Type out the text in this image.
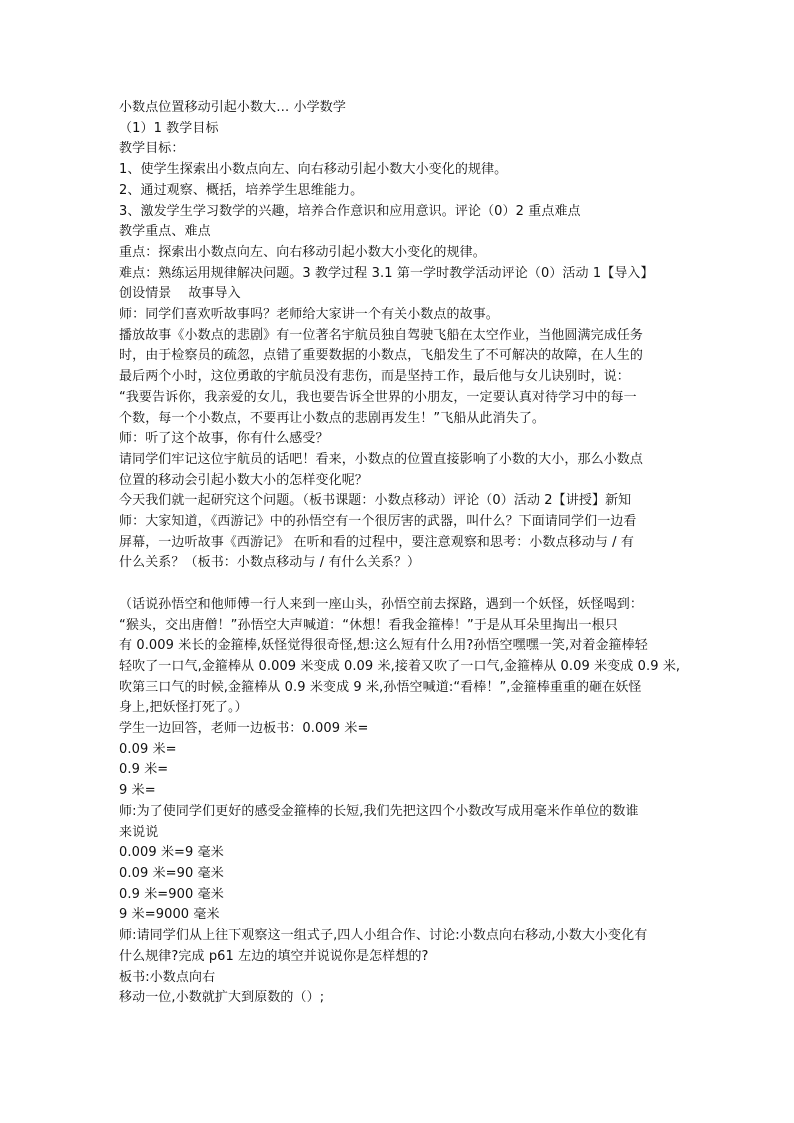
小数点位置移动引起小数大… 小学数学
（1）1 教学目标
教学目标：
1、使学生探索出小数点向左、向右移动引起小数大小变化的规律。
2、通过观察、概括，培养学生思维能力。
3、激发学生学习数学的兴趣，培养合作意识和应用意识。评论（0）2 重点难点
教学重点、难点
重点：探索出小数点向左、向右移动引起小数大小变化的规律。
难点：熟练运用规律解决问题。3 教学过程 3.1 第一学时教学活动评论（0）活动 1【导入】
创设情景    故事导入
师：同学们喜欢听故事吗？老师给大家讲一个有关小数点的故事。
播放故事《小数点的悲剧》有一位著名宇航员独自驾驶飞船在太空作业，当他圆满完成任务
时，由于检察员的疏忽，点错了重要数据的小数点，飞船发生了不可解决的故障，在人生的
最后两个小时，这位勇敢的宇航员没有悲伤，而是坚持工作，最后他与女儿诀别时，说：
“我要告诉你，我亲爱的女儿，我也要告诉全世界的小朋友，一定要认真对待学习中的每一
个数，每一个小数点，不要再让小数点的悲剧再发生！”飞船从此消失了。
师：听了这个故事，你有什么感受？
请同学们牢记这位宇航员的话吧！看来，小数点的位置直接影响了小数的大小，那么小数点
位置的移动会引起小数大小的怎样变化呢？
今天我们就一起研究这个问题。（板书课题：小数点移动）评论（0）活动 2【讲授】新知
师：大家知道，《西游记》中的孙悟空有一个很厉害的武器，叫什么？下面请同学们一边看
屏幕，一边听故事《西游记》 在听和看的过程中，要注意观察和思考：小数点移动与 / 有
什么关系？（板书：小数点移动与 / 有什么关系？）
（话说孙悟空和他师傅一行人来到一座山头，孙悟空前去探路，遇到一个妖怪，妖怪喝到：
“猴头，交出唐僧！”孙悟空大声喊道：“休想！看我金箍棒！”于是从耳朵里掏出一根只
有 0.009 米长的金箍棒,妖怪觉得很奇怪,想:这么短有什么用?孙悟空嘿嘿一笑,对着金箍棒轻
轻吹了一口气,金箍棒从 0.009 米变成 0.09 米,接着又吹了一口气,金箍棒从 0.09 米变成 0.9 米,
吹第三口气的时候,金箍棒从 0.9 米变成 9 米,孙悟空喊道:“看棒！”,金箍棒重重的砸在妖怪
身上,把妖怪打死了。）
学生一边回答，老师一边板书：0.009 米=
0.09 米=
0.9 米=
9 米=
师:为了使同学们更好的感受金箍棒的长短,我们先把这四个小数改写成用毫米作单位的数谁
来说说
0.009 米=9 毫米
0.09 米=90 毫米
0.9 米=900 毫米
9 米=9000 毫米
师:请同学们从上往下观察这一组式子,四人小组合作、讨论:小数点向右移动,小数大小变化有
什么规律?完成 p61 左边的填空并说说你是怎样想的?
板书:小数点向右
移动一位,小数就扩大到原数的（）;
